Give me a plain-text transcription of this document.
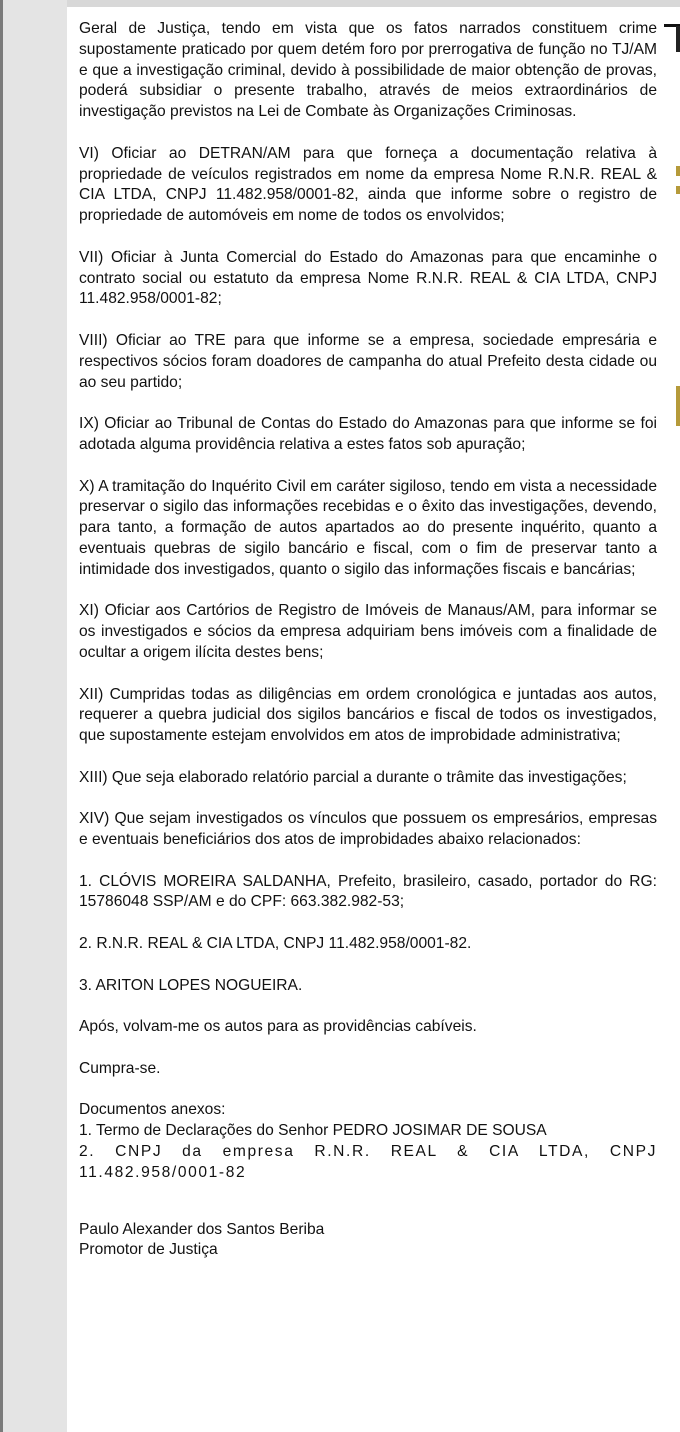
Geral de Justiça, tendo em vista que os fatos narrados constituem crime supostamente praticado por quem detém foro por prerrogativa de função no TJ/AM e que a investigação criminal, devido à possibilidade de maior obtenção de provas, poderá subsidiar o presente trabalho, através de meios extraordinários de investigação previstos na Lei de Combate às Organizações Criminosas.

VI) Oficiar ao DETRAN/AM para que forneça a documentação relativa à propriedade de veículos registrados em nome da empresa Nome R.N.R. REAL & CIA LTDA, CNPJ 11.482.958/0001-82, ainda que informe sobre o registro de propriedade de automóveis em nome de todos os envolvidos;

VII) Oficiar à Junta Comercial do Estado do Amazonas para que encaminhe o contrato social ou estatuto da empresa Nome R.N.R. REAL & CIA LTDA, CNPJ 11.482.958/0001-82;

VIII) Oficiar ao TRE para que informe se a empresa, sociedade empresária e respectivos sócios foram doadores de campanha do atual Prefeito desta cidade ou ao seu partido;

IX) Oficiar ao Tribunal de Contas do Estado do Amazonas para que informe se foi adotada alguma providência relativa a estes fatos sob apuração;

X) A tramitação do Inquérito Civil em caráter sigiloso, tendo em vista a necessidade preservar o sigilo das informações recebidas e o êxito das investigações, devendo, para tanto, a formação de autos apartados ao do presente inquérito, quanto a eventuais quebras de sigilo bancário e fiscal, com o fim de preservar tanto a intimidade dos investigados, quanto o sigilo das informações fiscais e bancárias;

XI) Oficiar aos Cartórios de Registro de Imóveis de Manaus/AM, para informar se os investigados e sócios da empresa adquiriam bens imóveis com a finalidade de ocultar a origem ilícita destes bens;

XII) Cumpridas todas as diligências em ordem cronológica e juntadas aos autos, requerer a quebra judicial dos sigilos bancários e fiscal de todos os investigados, que supostamente estejam envolvidos em atos de improbidade administrativa;

XIII) Que seja elaborado relatório parcial a durante o trâmite das investigações;

XIV) Que sejam investigados os vínculos que possuem os empresários, empresas e eventuais beneficiários dos atos de improbidades abaixo relacionados:

1. CLÓVIS MOREIRA SALDANHA, Prefeito, brasileiro, casado, portador do RG: 15786048 SSP/AM e do CPF: 663.382.982-53;

2. R.N.R. REAL & CIA LTDA, CNPJ 11.482.958/0001-82.

3. ARITON LOPES NOGUEIRA.

Após, volvam-me os autos para as providências cabíveis.

Cumpra-se.

Documentos anexos:
1. Termo de Declarações do Senhor PEDRO JOSIMAR DE SOUSA
2. CNPJ da empresa R.N.R. REAL & CIA LTDA, CNPJ 11.482.958/0001-82
Paulo Alexander dos Santos Beriba
Promotor de Justiça
